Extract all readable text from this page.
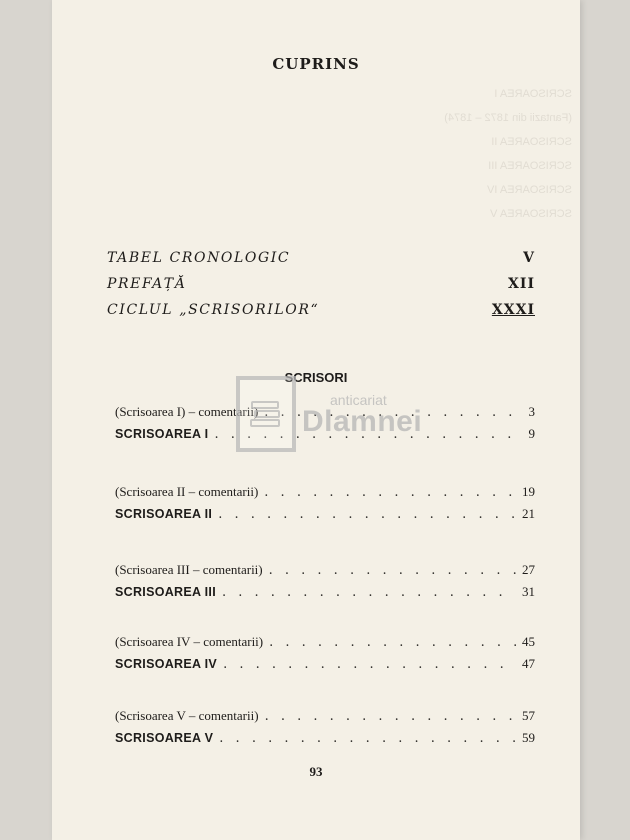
SCRISOAREA I
(Fantazii din 1872 – 1874)
SCRISOAREA II
SCRISOAREA III
SCRISOAREA IV
SCRISOAREA V
CUPRINS
TABEL CRONOLOGIC	V
PREFAȚĂ	XII
CICLUL „SCRISORILOR“	XXXI
SCRISORI
(Scrisoarea I) – comentarii) . . .	3
SCRISOAREA I . . .	9
(Scrisoarea II – comentarii) . . .	19
SCRISOAREA II . . .	21
(Scrisoarea III – comentarii) . . .	27
SCRISOAREA III . . .	31
(Scrisoarea IV – comentarii) . . .	45
SCRISOAREA IV . . .	47
(Scrisoarea V – comentarii) . . .	57
SCRISOAREA V . . .	59
93
anticariat
Dlamnei
